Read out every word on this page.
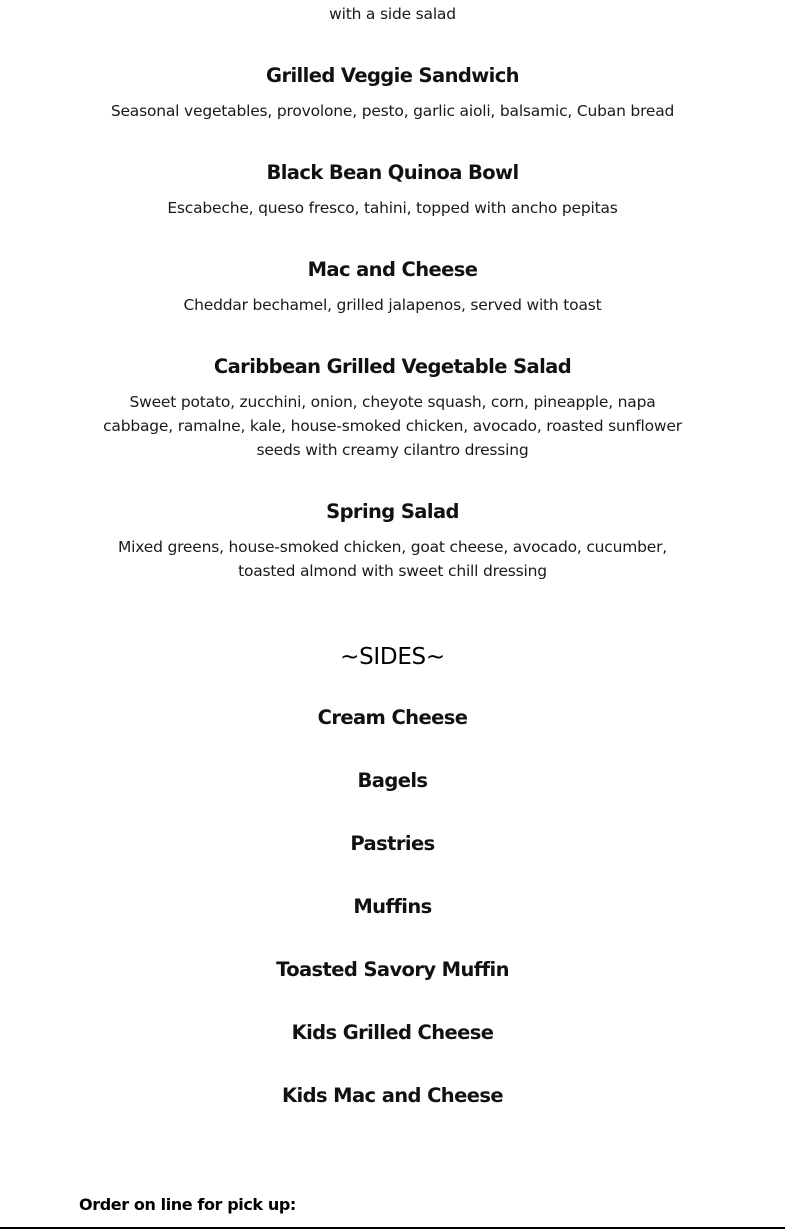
with a side salad
Grilled Veggie Sandwich
Seasonal vegetables, provolone, pesto, garlic aioli, balsamic, Cuban bread
Black Bean Quinoa Bowl
Escabeche, queso fresco, tahini, topped with ancho pepitas
Mac and Cheese
Cheddar bechamel, grilled jalapenos, served with toast
Caribbean Grilled Vegetable Salad
Sweet potato, zucchini, onion, cheyote squash, corn, pineapple, napa cabbage, ramalne, kale, house-smoked chicken, avocado, roasted sunflower seeds with creamy cilantro dressing
Spring Salad
Mixed greens, house-smoked chicken, goat cheese, avocado, cucumber, toasted almond with sweet chill dressing
~SIDES~
Cream Cheese
Bagels
Pastries
Muffins
Toasted Savory Muffin
Kids Grilled Cheese
Kids Mac and Cheese
Order on line for pick up:
